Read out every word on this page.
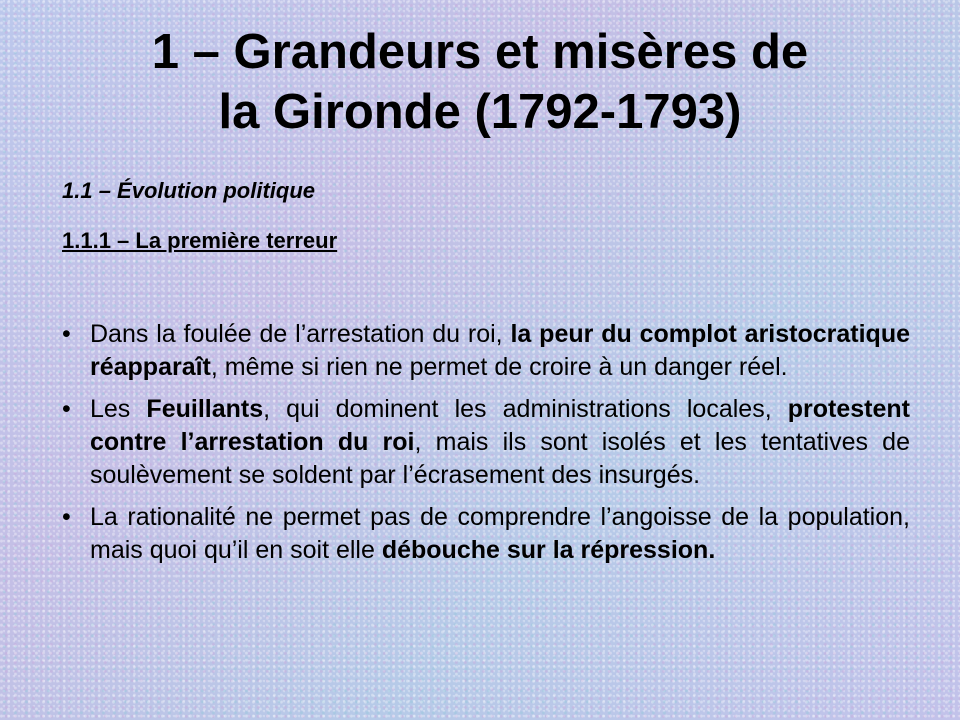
1 – Grandeurs et misères de
la Gironde (1792-1793)
1.1 – Évolution politique
1.1.1 – La première terreur
• Dans la foulée de l’arrestation du roi, la peur du complot aristocratique réapparaît, même si rien ne permet de croire à un danger réel.
• Les Feuillants, qui dominent les administrations locales, protestent contre l’arrestation du roi, mais ils sont isolés et les tentatives de soulèvement se soldent par l’écrasement des insurgés.
• La rationalité ne permet pas de comprendre l’angoisse de la population, mais quoi qu’il en soit elle débouche sur la répression.
